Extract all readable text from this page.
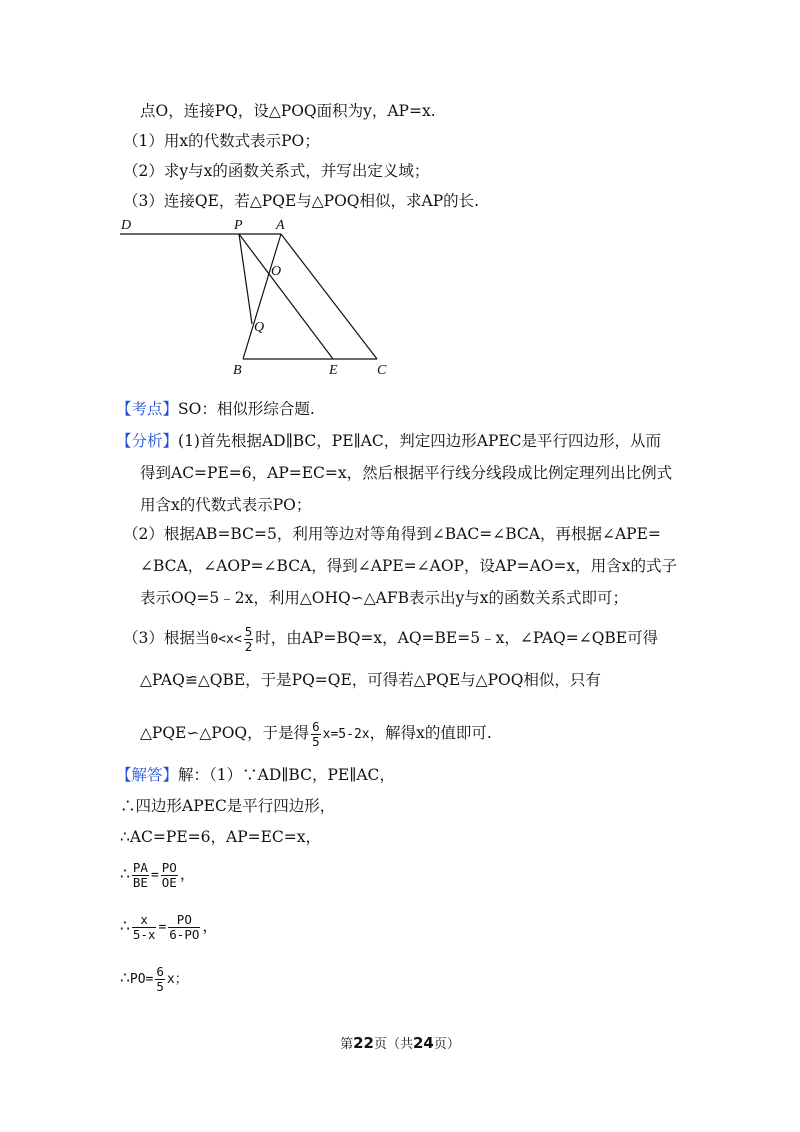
点O，连接PQ，设△POQ面积为y，AP=x.
（1）用x的代数式表示PO；
（2）求y与x的函数关系式，并写出定义域；
（3）连接QE，若△PQE与△POQ相似，求AP的长.
D	P A
O
Q
B	E	C
【考点】SO：相似形综合题.
【分析】(1)首先根据AD∥BC，PE∥AC，判定四边形APEC是平行四边形，从而
得到AC=PE=6，AP=EC=x，然后根据平行线分线段成比例定理列出比例式
用含x的代数式表示PO；
（2）根据AB=BC=5，利用等边对等角得到∠BAC=∠BCA，再根据∠APE=
∠BCA，∠AOP=∠BCA，得到∠APE=∠AOP，设AP=AO=x，用含x的式子
表示OQ=5﹣2x，利用△OHQ∽△AFB表示出y与x的函数关系式即可；
（3）根据当$0<x< \frac{5}{2}$ 时，由AP=BQ=x，AQ=BE=5﹣x，∠PAQ=∠QBE可得
△PAQ≌△QBE，于是PQ=QE，可得若△PQE与△POQ相似，只有
△PQE∽△POQ，于是得 $\frac{6}{5} x=5-2x$，解得x的值即可.
【解答】解：（1）∵AD∥BC，PE∥AC，
∴四边形APEC是平行四边形，
∴AC=PE=6，AP=EC=x，
∴ $\frac{PA}{BE} = \frac{PO}{OE}$ ，
∴ $\frac{x}{5-x} = \frac{PO}{6-PO}$ ，
∴PO= $\frac{6}{5}$ x；
第22页（共24页）
